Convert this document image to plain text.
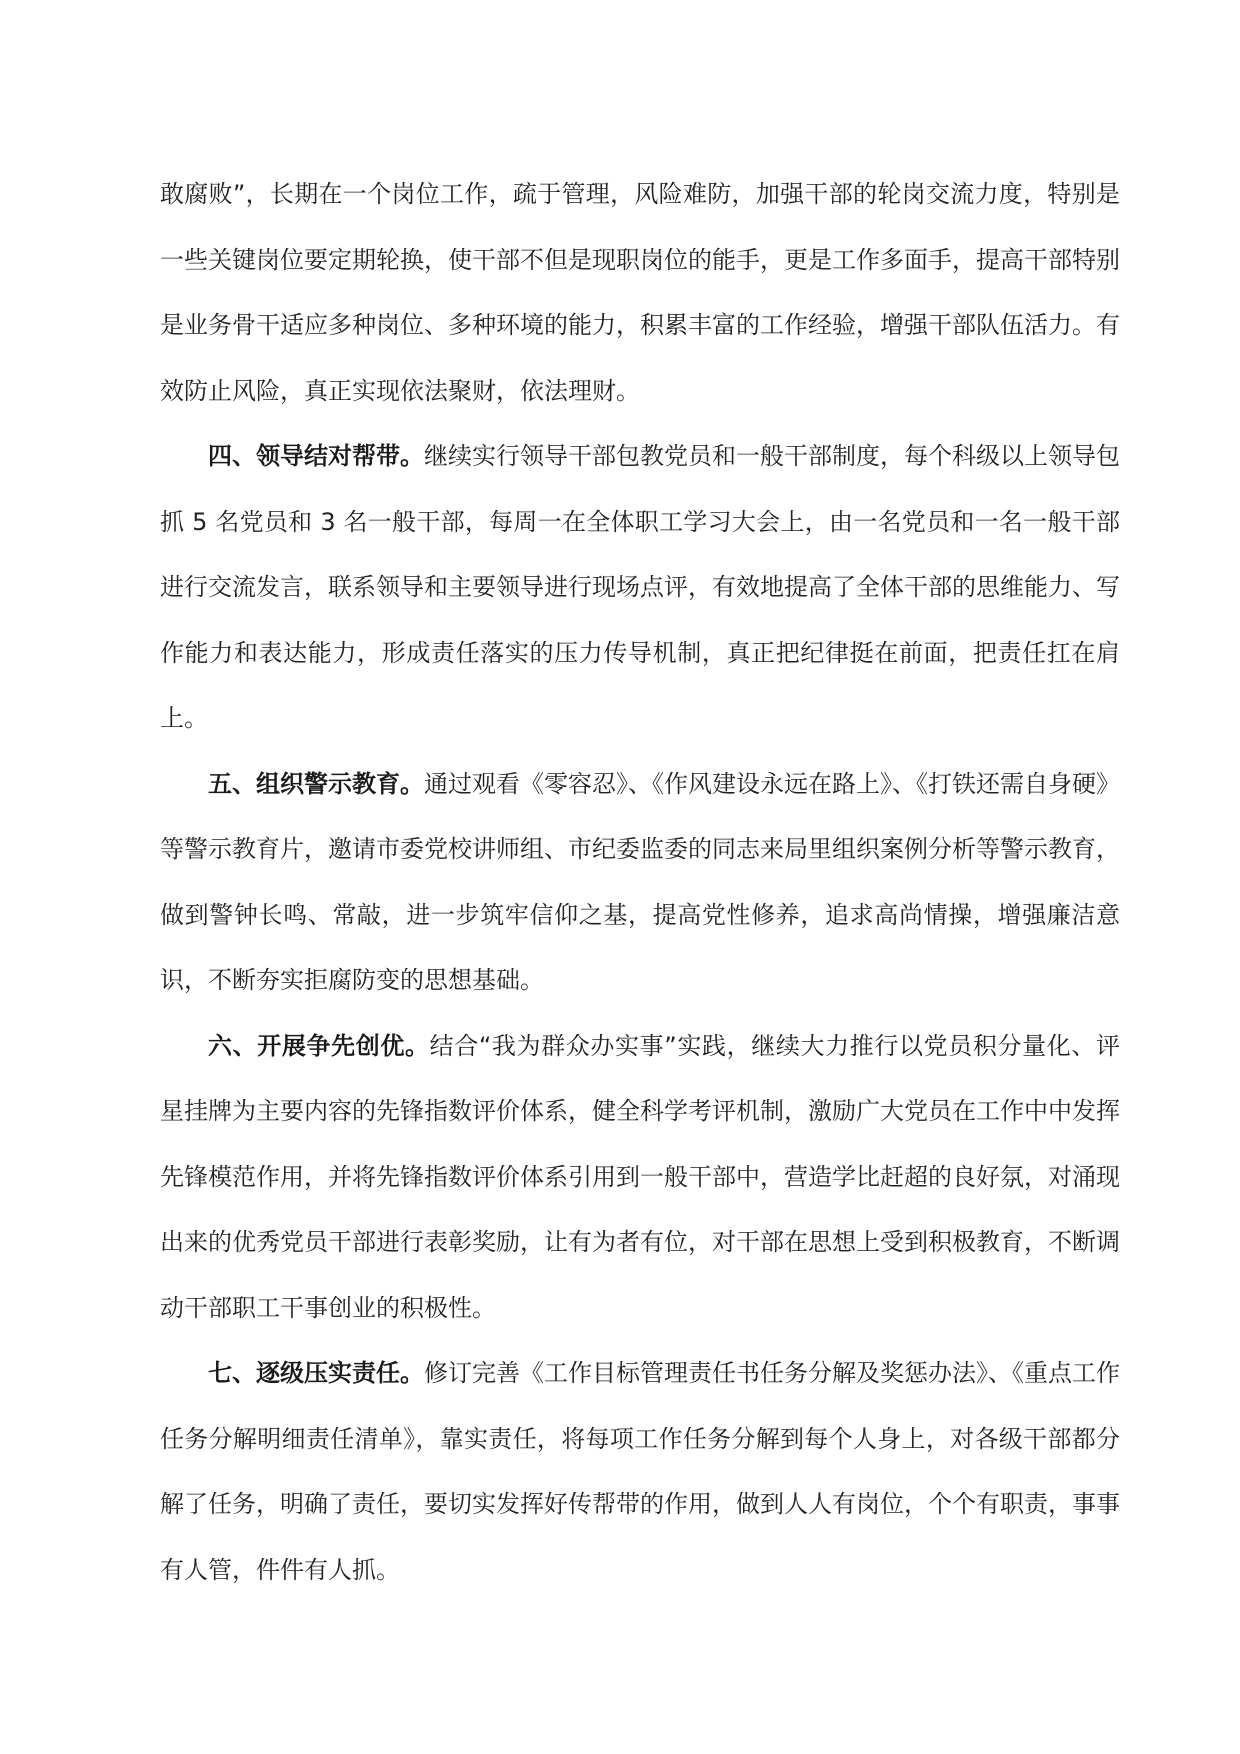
敢腐败”，长期在一个岗位工作，疏于管理，风险难防，加强干部的轮岗交流力度，特别是一些关键岗位要定期轮换，使干部不但是现职岗位的能手，更是工作多面手，提高干部特别是业务骨干适应多种岗位、多种环境的能力，积累丰富的工作经验，增强干部队伍活力。有效防止风险，真正实现依法聚财，依法理财。

四、领导结对帮带。继续实行领导干部包教党员和一般干部制度，每个科级以上领导包抓 5 名党员和 3 名一般干部，每周一在全体职工学习大会上，由一名党员和一名一般干部进行交流发言，联系领导和主要领导进行现场点评，有效地提高了全体干部的思维能力、写作能力和表达能力，形成责任落实的压力传导机制，真正把纪律挺在前面，把责任扛在肩上。

五、组织警示教育。通过观看《零容忍》、《作风建设永远在路上》、《打铁还需自身硬》等警示教育片，邀请市委党校讲师组、市纪委监委的同志来局里组织案例分析等警示教育，做到警钟长鸣、常敲，进一步筑牢信仰之基，提高党性修养，追求高尚情操，增强廉洁意识，不断夯实拒腐防变的思想基础。

六、开展争先创优。结合“我为群众办实事”实践，继续大力推行以党员积分量化、评星挂牌为主要内容的先锋指数评价体系，健全科学考评机制，激励广大党员在工作中中发挥先锋模范作用，并将先锋指数评价体系引用到一般干部中，营造学比赶超的良好氛，对涌现出来的优秀党员干部进行表彰奖励，让有为者有位，对干部在思想上受到积极教育，不断调动干部职工干事创业的积极性。

七、逐级压实责任。修订完善《工作目标管理责任书任务分解及奖惩办法》、《重点工作任务分解明细责任清单》，靠实责任，将每项工作任务分解到每个人身上，对各级干部都分解了任务，明确了责任，要切实发挥好传帮带的作用，做到人人有岗位，个个有职责，事事有人管，件件有人抓。
